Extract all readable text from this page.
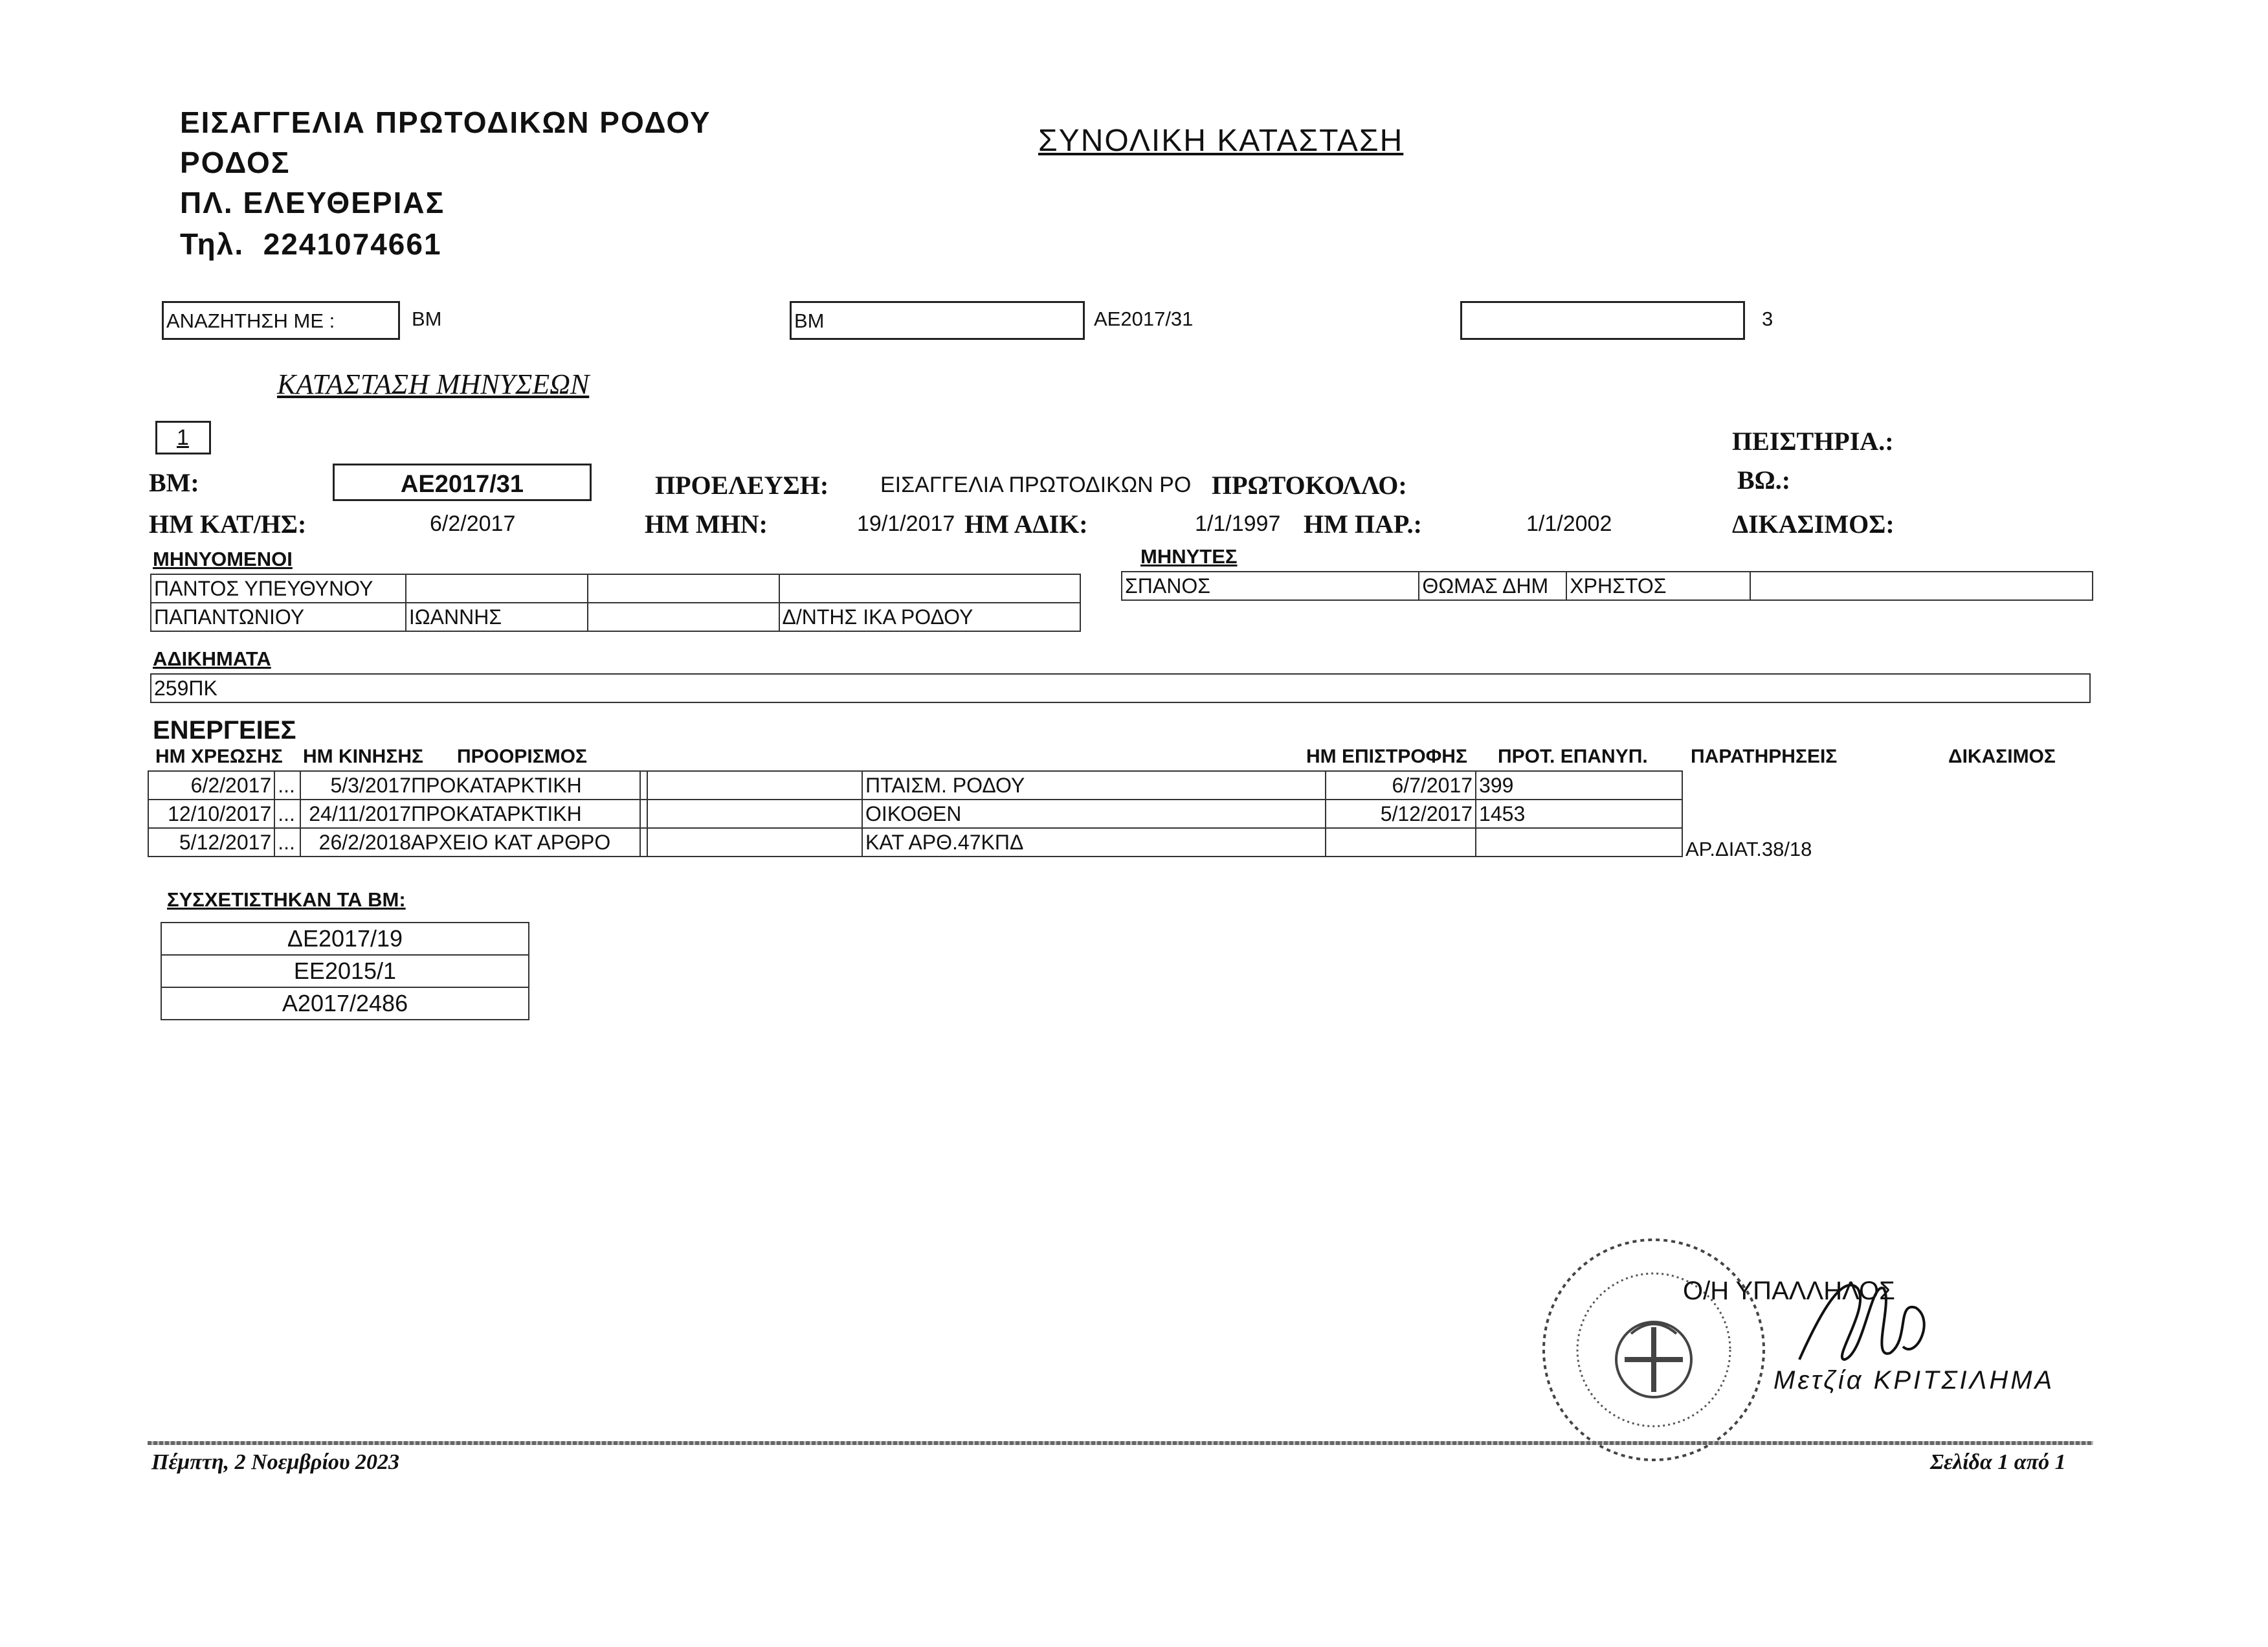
ΕΙΣΑΓΓΕΛΙΑ ΠΡΩΤΟΔΙΚΩΝ ΡΟΔΟΥ
ΡΟΔΟΣ
ΠΛ. ΕΛΕΥΘΕΡΙΑΣ
Τηλ. 2241074661
ΣΥΝΟΛΙΚΗ ΚΑΤΑΣΤΑΣΗ
ΑΝΑΖΗΤΗΣΗ ΜΕ :	ΒΜ	ΒΜ	ΑΕ2017/31	3
ΚΑΤΑΣΤΑΣΗ ΜΗΝΥΣΕΩΝ
1	ΠΕΙΣΤΗΡΙΑ.:
ΒΜ:	ΑΕ2017/31	ΠΡΟΕΛΕΥΣΗ: ΕΙΣΑΓΓΕΛΙΑ ΠΡΩΤΟΔΙΚΩΝ ΡΟ ΠΡΩΤΟΚΟΛΛΟ:	ΒΩ.:
ΗΜ ΚΑΤ/ΗΣ:	6/2/2017	ΗΜ ΜΗΝ:	19/1/2017 ΗΜ ΑΔΙΚ:	1/1/1997 ΗΜ ΠΑΡ.:	1/1/2002	ΔΙΚΑΣΙΜΟΣ:
ΜΗΝΥΟΜΕΝΟΙ
ΠΑΝΤΟΣ ΥΠΕΥΘΥΝΟΥ			
ΠΑΠΑΝΤΩΝΙΟΥ	ΙΩΑΝΝΗΣ		Δ/ΝΤΗΣ ΙΚΑ ΡΟΔΟΥ
ΜΗΝΥΤΕΣ
ΣΠΑΝΟΣ	ΘΩΜΑΣ ΔΗΜ	ΧΡΗΣΤΟΣ	
ΑΔΙΚΗΜΑΤΑ
259ΠΚ
ΕΝΕΡΓΕΙΕΣ
ΗΜ ΧΡΕΩΣΗΣ ΗΜ ΚΙΝΗΣΗΣ ΠΡΟΟΡΙΣΜΟΣ	ΗΜ ΕΠΙΣΤΡΟΦΗΣ ΠΡΟΤ. ΕΠΑΝΥΠ. ΠΑΡΑΤΗΡΗΣΕΙΣ	ΔΙΚΑΣΙΜΟΣ
6/2/2017	...	5/3/2017ΠΡΟΚΑΤΑΡΚΤΙΚΗ			ΠΤΑΙΣΜ. ΡΟΔΟΥ	6/7/2017	399
12/10/2017	...	24/11/2017ΠΡΟΚΑΤΑΡΚΤΙΚΗ			ΟΙΚΟΘΕΝ	5/12/2017	1453
5/12/2017	...	26/2/2018ΑΡΧΕΙΟ ΚΑΤ ΑΡΘΡΟ			ΚΑΤ ΑΡΘ.47ΚΠΔ			ΑΡ.ΔΙΑΤ.38/18
ΣΥΣΧΕΤΙΣΤΗΚΑΝ ΤΑ ΒΜ:
ΔΕ2017/19
ΕΕ2015/1
Α2017/2486
Ο/Η ΥΠΑΛΛΗΛΟΣ
Μετζία ΚΡΙΤΣΙΛΗΜΑ
Πέμπτη, 2 Νοεμβρίου 2023	Σελίδα 1 από 1
